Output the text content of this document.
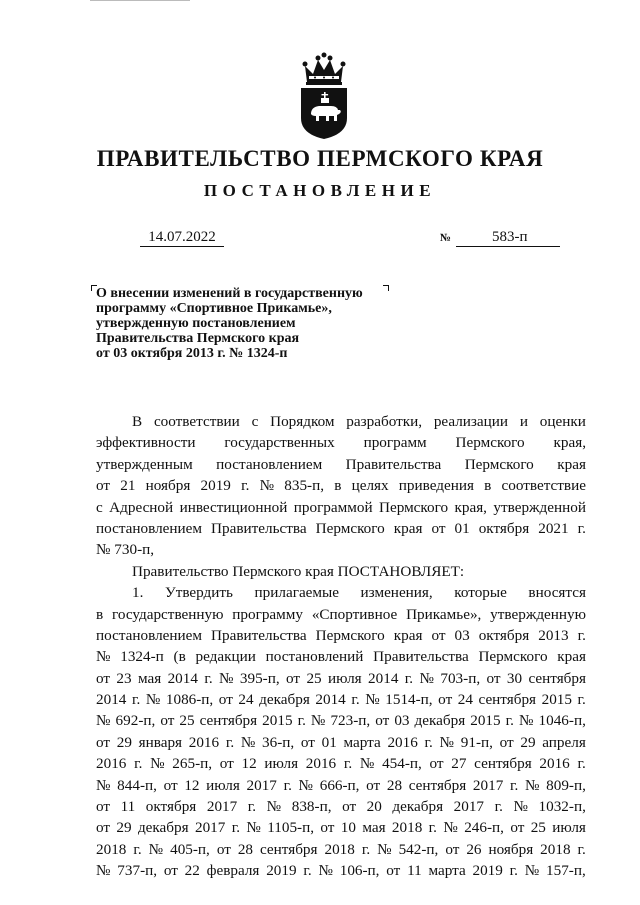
ПРАВИТЕЛЬСТВО ПЕРМСКОГО КРАЯ
ПОСТАНОВЛЕНИЕ
14.07.2022	№	583-п
О внесении изменений в государственную
программу «Спортивное Прикамье»,
утвержденную постановлением
Правительства Пермского края
от 03 октября 2013 г. № 1324-п
В соответствии с Порядком разработки, реализации и оценки
эффективности государственных программ Пермского края,
утвержденным постановлением Правительства Пермского края
от 21 ноября 2019 г. № 835-п, в целях приведения в соответствие
с Адресной инвестиционной программой Пермского края, утвержденной
постановлением Правительства Пермского края от 01 октября 2021 г.
№ 730-п,
Правительство Пермского края ПОСТАНОВЛЯЕТ:
1. Утвердить прилагаемые изменения, которые вносятся
в государственную программу «Спортивное Прикамье», утвержденную
постановлением Правительства Пермского края от 03 октября 2013 г.
№ 1324-п (в редакции постановлений Правительства Пермского края
от 23 мая 2014 г. № 395-п, от 25 июля 2014 г. № 703-п, от 30 сентября
2014 г. № 1086-п, от 24 декабря 2014 г. № 1514-п, от 24 сентября 2015 г.
№ 692-п, от 25 сентября 2015 г. № 723-п, от 03 декабря 2015 г. № 1046-п,
от 29 января 2016 г. № 36-п, от 01 марта 2016 г. № 91-п, от 29 апреля
2016 г. № 265-п, от 12 июля 2016 г. № 454-п, от 27 сентября 2016 г.
№ 844-п, от 12 июля 2017 г. № 666-п, от 28 сентября 2017 г. № 809-п,
от 11 октября 2017 г. № 838-п, от 20 декабря 2017 г. № 1032-п,
от 29 декабря 2017 г. № 1105-п, от 10 мая 2018 г. № 246-п, от 25 июля
2018 г. № 405-п, от 28 сентября 2018 г. № 542-п, от 26 ноября 2018 г.
№ 737-п, от 22 февраля 2019 г. № 106-п, от 11 марта 2019 г. № 157-п,
